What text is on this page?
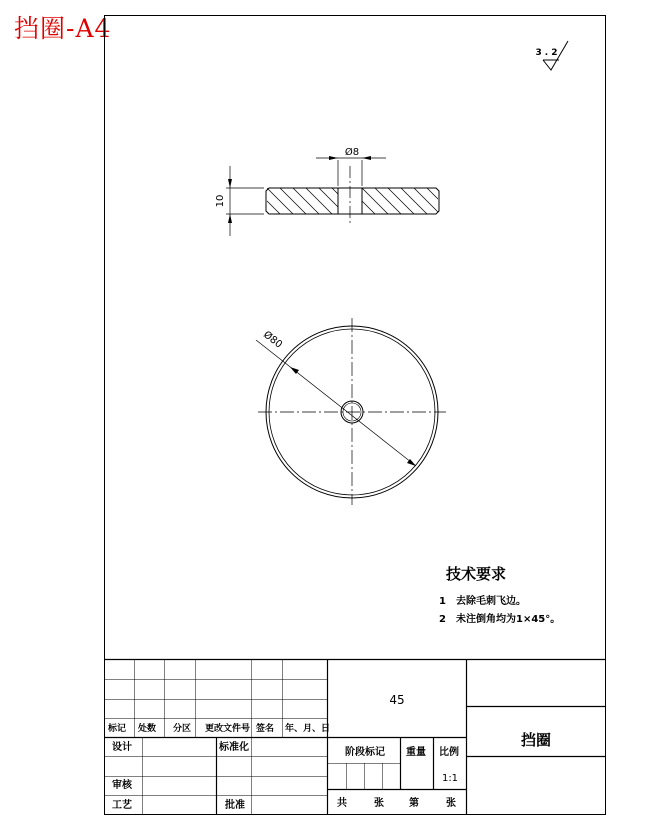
挡圈-A4
3.2
Ø8
10
Ø80
技术要求
1 去除毛刺飞边。
2 未注倒角均为1×45°。
标记 处数 分区 更改文件号 签名 年、月、日
设计	标准化
审核
工艺	批准
45
挡圈
阶段标记 重量 比例
1:1
共	张	第	张
